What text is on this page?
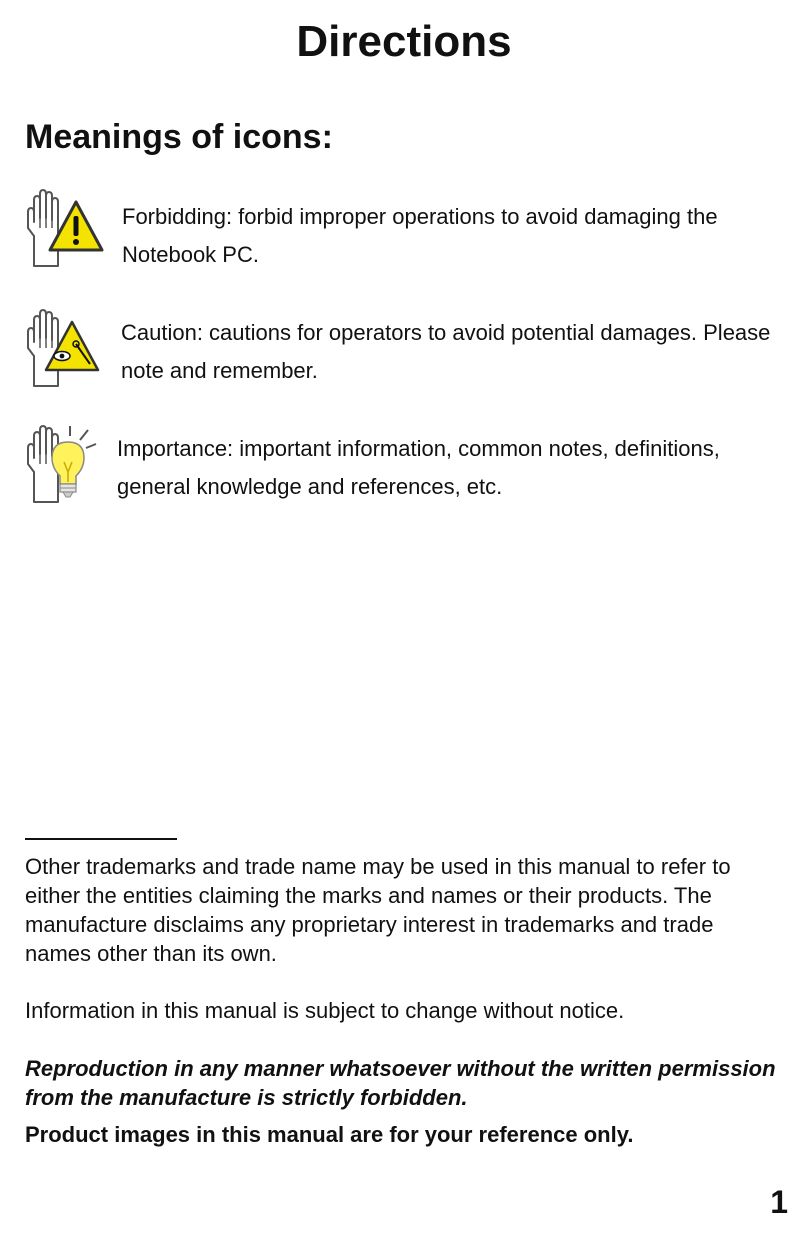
Directions
Meanings of icons:

Forbidding: forbid improper operations to avoid damaging the Notebook PC.

Caution: cautions for operators to avoid potential damages. Please note and remember.

Importance: important information, common notes, definitions, general knowledge and references, etc.

Other trademarks and trade name may be used in this manual to refer to either the entities claiming the marks and names or their products. The manufacture disclaims any proprietary interest in trademarks and trade names other than its own.

Information in this manual is subject to change without notice.

Reproduction in any manner whatsoever without the written permission from the manufacture is strictly forbidden.

Product images in this manual are for your reference only.

1
